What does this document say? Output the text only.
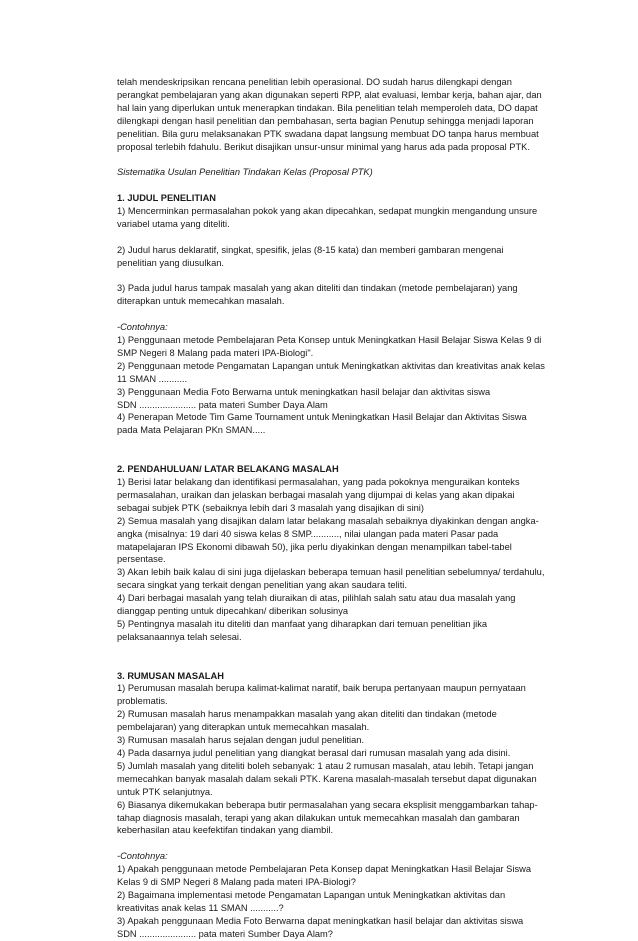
telah mendeskripsikan rencana penelitian lebih operasional. DO sudah harus dilengkapi dengan
perangkat pembelajaran yang akan digunakan seperti RPP, alat evaluasi, lembar kerja, bahan ajar, dan
hal lain yang diperlukan untuk menerapkan tindakan. Bila penelitian telah memperoleh data, DO dapat
dilengkapi dengan hasil penelitian dan pembahasan, serta bagian Penutup sehingga menjadi laporan
penelitian. Bila guru melaksanakan PTK swadana dapat langsung membuat DO tanpa harus membuat
proposal terlebih fdahulu. Berikut disajikan unsur-unsur minimal yang harus ada pada proposal PTK.
Sistematika Usulan Penelitian Tindakan Kelas (Proposal PTK)
1. JUDUL PENELITIAN
1) Mencerminkan permasalahan pokok yang akan dipecahkan, sedapat mungkin mengandung unsure
variabel utama yang diteliti.
2) Judul harus deklaratif, singkat, spesifik, jelas (8-15 kata) dan memberi gambaran mengenai
penelitian yang diusulkan.
3) Pada judul harus tampak masalah yang akan diteliti dan tindakan (metode pembelajaran) yang
diterapkan untuk memecahkan masalah.
-Contohnya:
1) Penggunaan metode Pembelajaran Peta Konsep untuk Meningkatkan Hasil Belajar Siswa Kelas 9 di
SMP Negeri 8 Malang pada materi IPA-Biologi".
2) Penggunaan metode Pengamatan Lapangan untuk Meningkatkan aktivitas dan kreativitas anak kelas
11 SMAN ...........
3) Penggunaan Media Foto Berwarna untuk meningkatkan hasil belajar dan aktivitas siswa
SDN ...................... pata materi Sumber Daya Alam
4) Penerapan Metode Tim Game Tournament untuk Meningkatkan Hasil Belajar dan Aktivitas Siswa
pada Mata Pelajaran PKn SMAN.....
2. PENDAHULUAN/ LATAR BELAKANG MASALAH
1) Berisi latar belakang dan identifikasi permasalahan, yang pada pokoknya menguraikan konteks
permasalahan, uraikan dan jelaskan berbagai masalah yang dijumpai di kelas yang akan dipakai
sebagai subjek PTK (sebaiknya lebih dari 3 masalah yang disajikan di sini)
2) Semua masalah yang disajikan dalam latar belakang masalah sebaiknya diyakinkan dengan angka-
angka (misalnya: 19 dari 40 siswa kelas 8 SMP..........., nilai ulangan pada materi Pasar pada
matapelajaran IPS Ekonomi dibawah 50), jika perlu diyakinkan dengan menampilkan tabel-tabel
persentase.
3) Akan lebih baik kalau di sini juga dijelaskan beberapa temuan hasil penelitian sebelumnya/ terdahulu,
secara singkat yang terkait dengan penelitian yang akan saudara teliti.
4) Dari berbagai masalah yang telah diuraikan di atas, pilihlah salah satu atau dua masalah yang
dianggap penting untuk dipecahkan/ diberikan solusinya
5) Pentingnya masalah itu diteliti dan manfaat yang diharapkan dari temuan penelitian jika
pelaksanaannya telah selesai.
3. RUMUSAN MASALAH
1) Perumusan masalah berupa kalimat-kalimat naratif, baik berupa pertanyaan maupun pernyataan
problematis.
2) Rumusan masalah harus menampakkan masalah yang akan diteliti dan tindakan (metode
pembelajaran) yang diterapkan untuk memecahkan masalah.
3) Rumusan masalah harus sejalan dengan judul penelitian.
4) Pada dasarnya judul penelitian yang diangkat berasal dari rumusan masalah yang ada disini.
5) Jumlah masalah yang diteliti boleh sebanyak: 1 atau 2 rumusan masalah, atau lebih. Tetapi jangan
memecahkan banyak masalah dalam sekali PTK. Karena masalah-masalah tersebut dapat digunakan
untuk PTK selanjutnya.
6) Biasanya dikemukakan beberapa butir permasalahan yang secara eksplisit menggambarkan tahap-
tahap diagnosis masalah, terapi yang akan dilakukan untuk memecahkan masalah dan gambaran
keberhasilan atau keefektifan tindakan yang diambil.
-Contohnya:
1) Apakah penggunaan metode Pembelajaran Peta Konsep dapat Meningkatkan Hasil Belajar Siswa
Kelas 9 di SMP Negeri 8 Malang pada materi IPA-Biologi?
2) Bagaimana implementasi metode Pengamatan Lapangan untuk Meningkatkan aktivitas dan
kreativitas anak kelas 11 SMAN ...........?
3) Apakah penggunaan Media Foto Berwarna dapat meningkatkan hasil belajar dan aktivitas siswa
SDN ...................... pata materi Sumber Daya Alam?
